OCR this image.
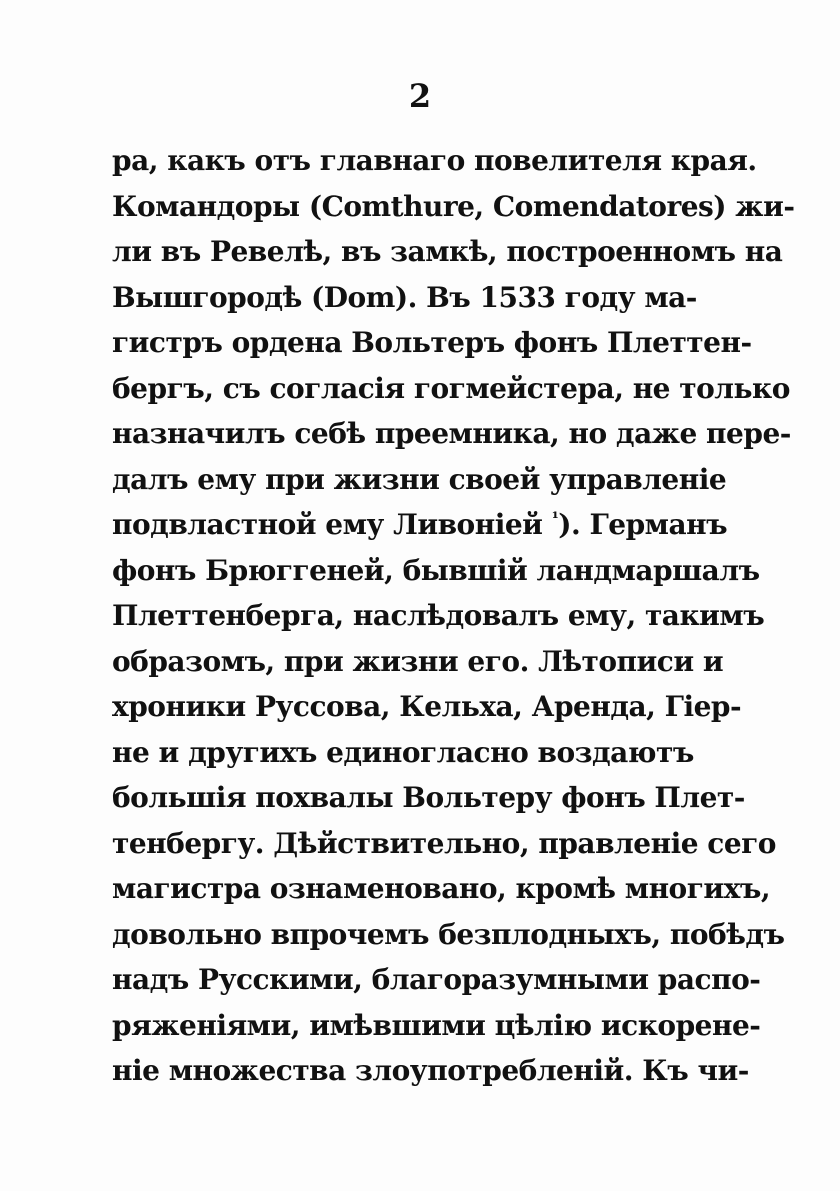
2
ра, какъ отъ главнаго повелителя края.
Командоры (Comthure, Comendatores) жи-
ли въ Ревелѣ, въ замкѣ, построенномъ на
Вышгородѣ (Dom). Въ 1533 году ма-
гистръ ордена Вольтеръ фонъ Плеттен-
бергъ, съ согласія гогмейстера, не только
назначилъ себѣ преемника, но даже пере-
далъ ему при жизни своей управленіе
подвластной ему Ливоніей $^{^1}$). Германъ
фонъ Брюггеней, бывшій ландмаршалъ
Плеттенберга, наслѣдовалъ ему, такимъ
образомъ, при жизни его. Лѣтописи и
хроники Руссова, Кельха, Аренда, Гіер-
не и другихъ единогласно воздаютъ
большія похвалы Вольтеру фонъ Плет-
тенбергу. Дѣйствительно, правленіе сего
магистра ознаменовано, кромѣ многихъ,
довольно впрочемъ безплодныхъ, побѣдъ
надъ Русскими, благоразумными распо-
ряженіями, имѣвшими цѣлію искорене-
ніе множества злоупотребленій. Къ чи-
